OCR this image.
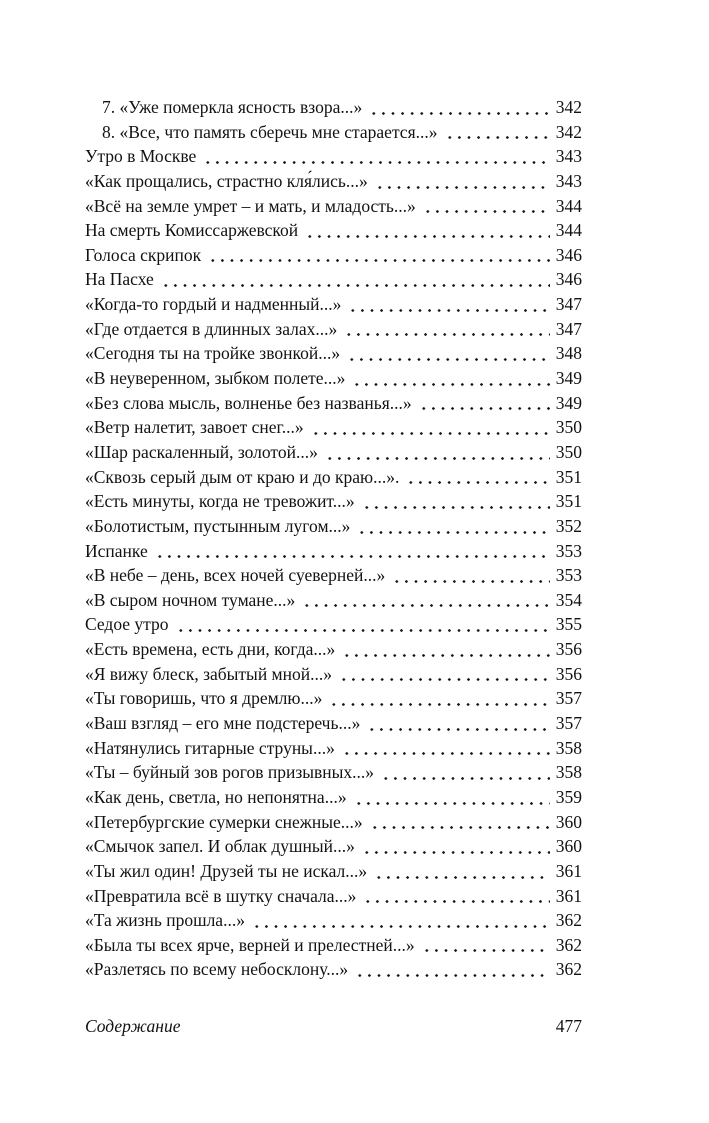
7. «Уже померкла ясность взора...»	342
8. «Все, что память сберечь мне старается...»	342
Утро в Москве	343
«Как прощались, страстно кля́лись...»	343
«Всё на земле умрет – и мать, и младость...»	344
На смерть Комиссаржевской	344
Голоса скрипок	346
На Пасхе	346
«Когда-то гордый и надменный...»	347
«Где отдается в длинных залах...»	347
«Сегодня ты на тройке звонкой...»	348
«В неуверенном, зыбком полете...»	349
«Без слова мысль, волненье без названья...»	349
«Ветр налетит, завоет снег...»	350
«Шар раскаленный, золотой...»	350
«Сквозь серый дым от краю и до краю...».	351
«Есть минуты, когда не тревожит...»	351
«Болотистым, пустынным лугом...»	352
Испанке	353
«В небе – день, всех ночей суеверней...»	353
«В сыром ночном тумане...»	354
Седое утро	355
«Есть времена, есть дни, когда...»	356
«Я вижу блеск, забытый мной...»	356
«Ты говоришь, что я дремлю...»	357
«Ваш взгляд – его мне подстеречь...»	357
«Натянулись гитарные струны...»	358
«Ты – буйный зов рогов призывных...»	358
«Как день, светла, но непонятна...»	359
«Петербургские сумерки снежные...»	360
«Смычок запел. И облак душный...»	360
«Ты жил один! Друзей ты не искал...»	361
«Превратила всё в шутку сначала...»	361
«Та жизнь прошла...»	362
«Была ты всех ярче, верней и прелестней...»	362
«Разлетясь по всему небосклону...»	362
Содержание	477
